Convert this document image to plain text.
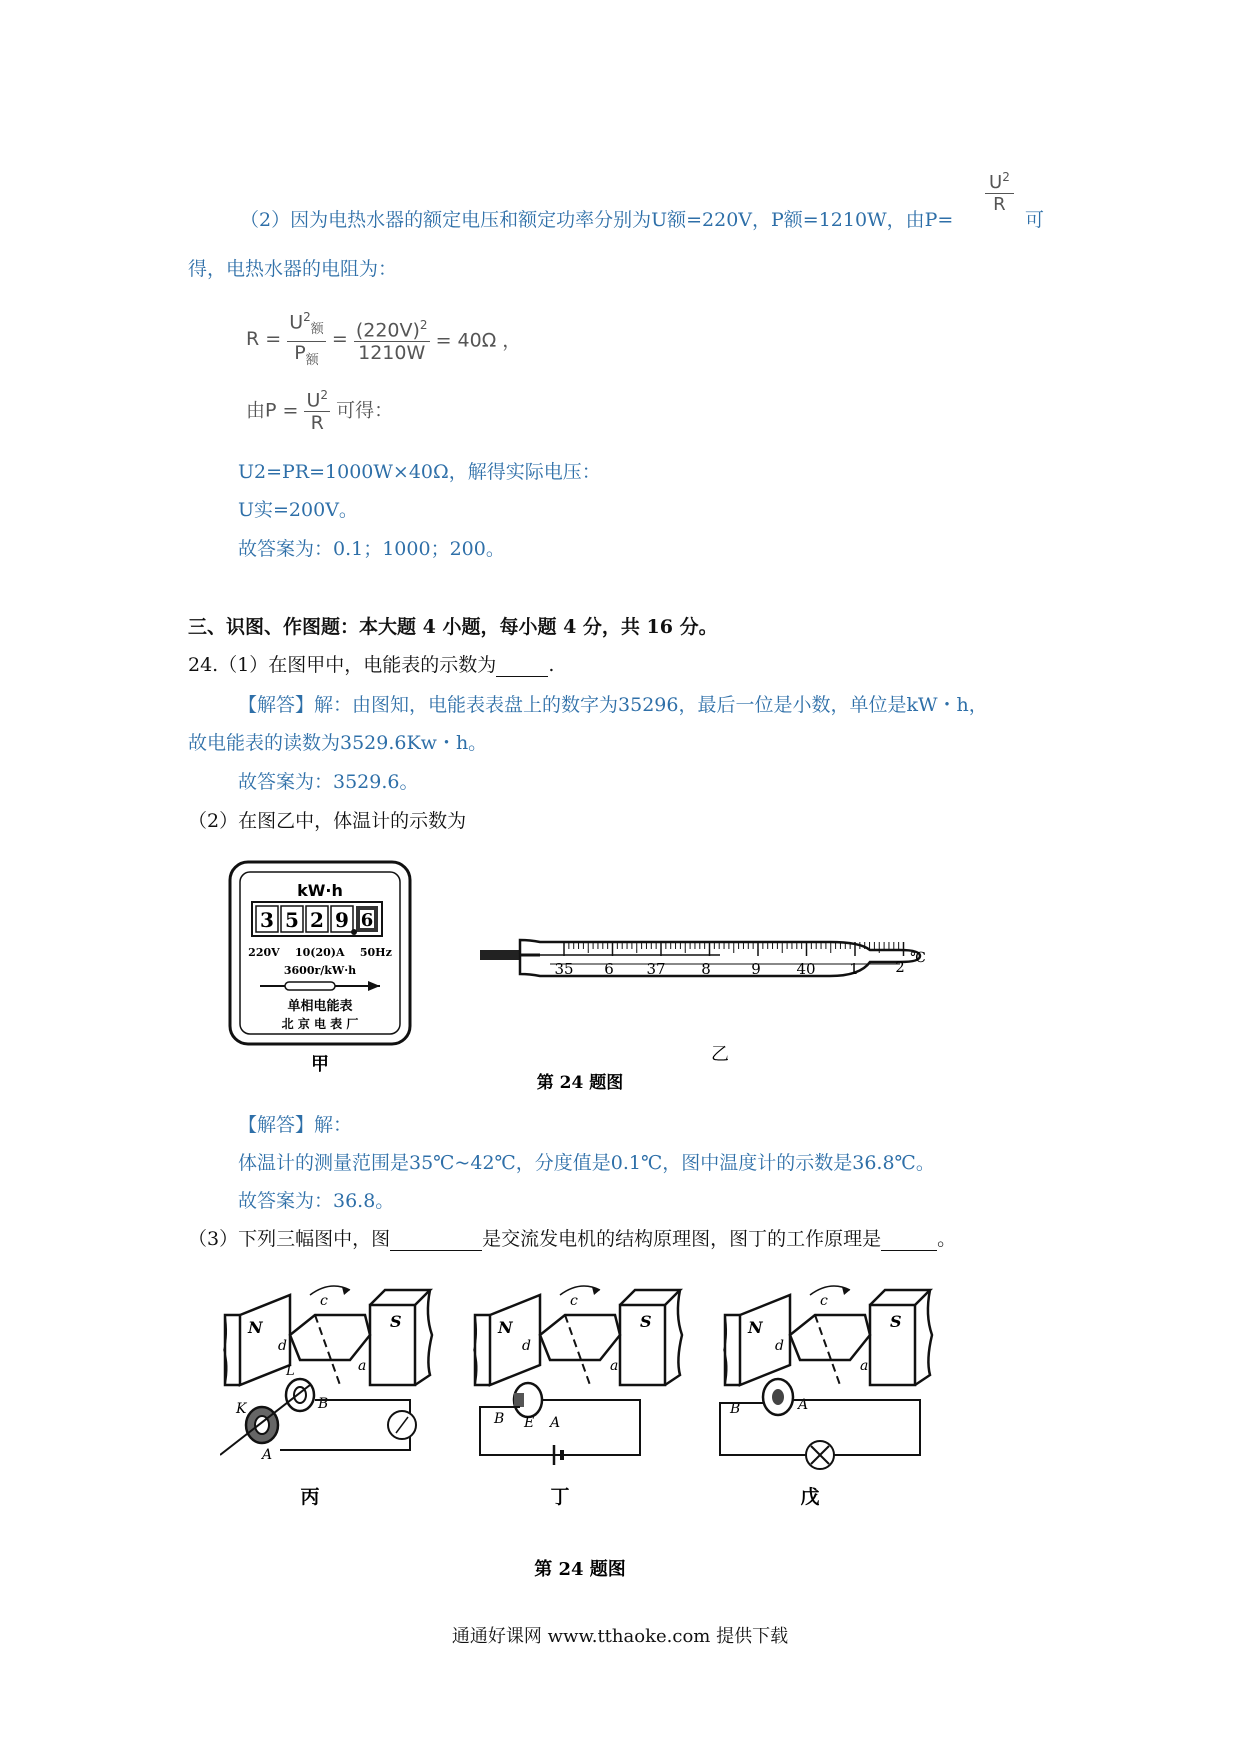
（2）因为电热水器的额定电压和额定功率分别为U额=220V，P额=1210W，由P=
$U^2$
R
可
得，电热水器的电阻为：
$R = \frac{U^2_额}{P_额} = \frac{(220V)^2}{1210W} = 40\Omega$ ，
由$P = \frac{U^2}{R}$ 可得：
U2=PR=1000W×40Ω，解得实际电压：
U实=200V。
故答案为：0.1；1000；200。
三、识图、作图题：本大题 4 小题，每小题 4 分，共 16 分。
24.（1）在图甲中，电能表的示数为	.
【解答】解：由图知，电能表表盘上的数字为35296，最后一位是小数，单位是kW・h，
故电能表的读数为3529.6Kw・h。
故答案为：3529.6。
（2）在图乙中，体温计的示数为
kW·h
3 5 2 9 6
220V    10(20)A    50Hz
3600r/kW·h
单相电能表
北 京 电 表 厂
甲
35 6 37 8	9 40 1 2 ℃
乙
第 24 题图
【解答】解：
体温计的测量范围是35℃~42℃，分度值是0.1℃，图中温度计的示数是36.8℃。
故答案为：36.8。
（3）下列三幅图中，图	是交流发电机的结构原理图，图丁的工作原理是	。
N	S
c
d
a
L
B
K
A
丙
N	S
c
d
a
B E A
丁
N	S
c
d
a
B	A
戊
第 24 题图
通通好课网 www.tthaoke.com 提供下载
